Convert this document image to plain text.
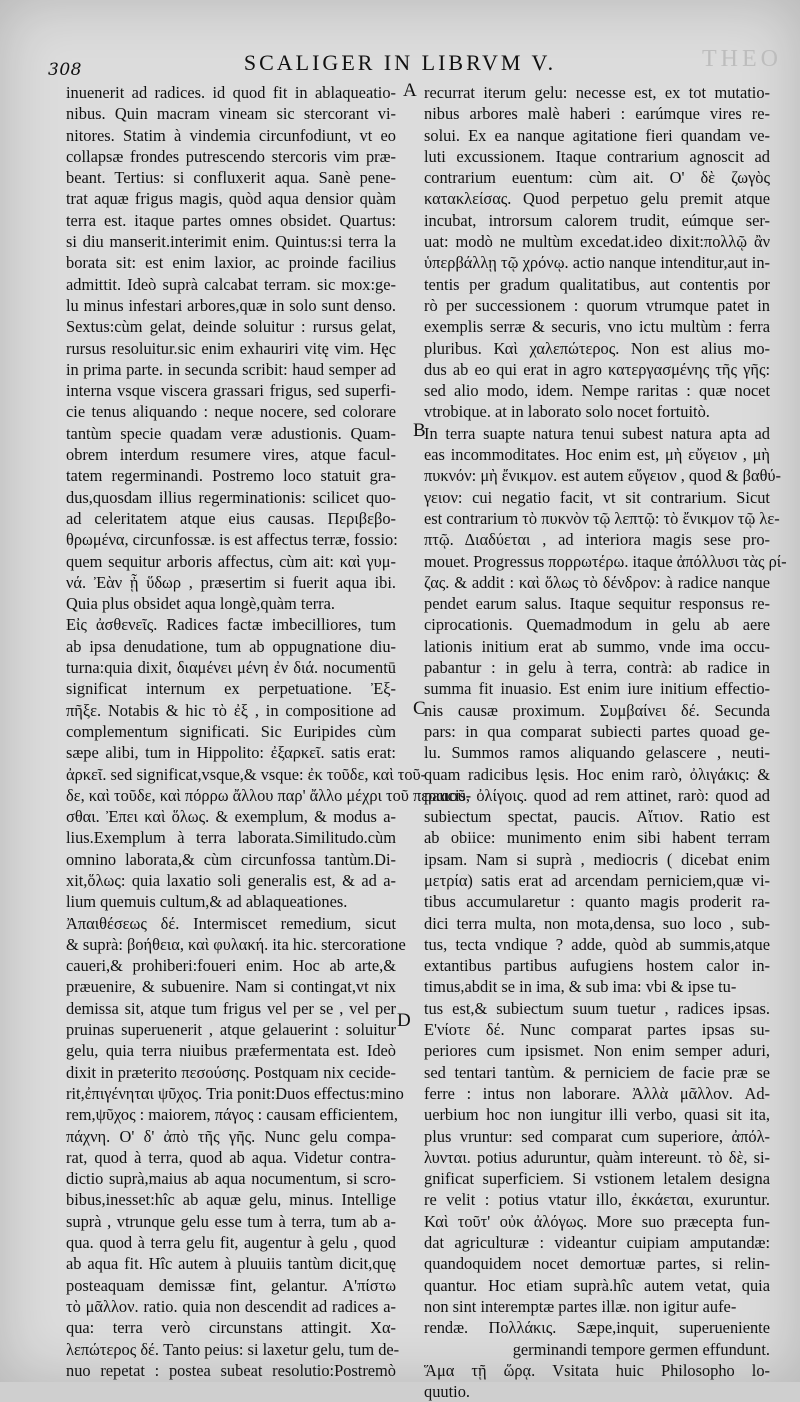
THEO
308	SCALIGER IN LIBRVM V.
A
B
C
D
inuenerit ad radices. id quod fit in ablaqueatio-
nibus. Quin macram vineam sic stercorant vi-
nitores. Statim à vindemia circunfodiunt, vt eo
collapsæ frondes putrescendo stercoris vim præ-
beant. Tertius: si confluxerit aqua. Sanè pene-
trat aquæ frigus magis, quòd aqua densior quàm
terra est. itaque partes omnes obsidet. Quartus:
si diu manserit.interimit enim. Quintus:si terra la
borata sit: est enim laxior, ac proinde facilius
admittit. Ideò suprà calcabat terram. sic mox:ge-
lu minus infestari arbores,quæ in solo sunt denso.
Sextus:cùm gelat, deinde soluitur : rursus gelat,
rursus resoluitur.sic enim exhauriri vitę vim. Hęc
in prima parte. in secunda scribit: haud semper ad
interna vsque viscera grassari frigus, sed superfi-
cie tenus aliquando : neque nocere, sed colorare
tantùm specie quadam veræ adustionis. Quam-
obrem interdum resumere vires, atque facul-
tatem regerminandi. Postremo loco statuit gra-
dus,quosdam illius regerminationis: scilicet quo-
ad celeritatem atque eius causas. Περιβεβο-
θρωμένα, circunfossæ. is est affectus terræ, fossio:
quem sequitur arboris affectus, cùm ait: καὶ γυμ-
νά. Ἐὰν ᾖ ὕδωρ , præsertim si fuerit aqua ibi.
Quia plus obsidet aqua longè,quàm terra.
Εἰς ἀσθενεῖς. Radices factæ imbecilliores, tum
ab ipsa denudatione, tum ab oppugnatione diu-
turna:quia dixit, διαμένει μένη ἐν διά. nocumentū
significat internum ex perpetuatione. Ἐξ-
πῆξε. Notabis & hic τὸ ἐξ , in compositione ad
complementum significati. Sic Euripides cùm
sæpe alibi, tum in Hippolito: ἐξαρκεῖ. satis erat:
ἀρκεῖ. sed significat,vsque,& vsque: ἐκ τοῦδε, καὶ τοῦ-
δε, καὶ τοῦδε, καὶ πόρρω ἄλλου παρ' ἄλλο μέχρι τοῦ περαιοῦ-
σθαι. Ἐπει καὶ ὅλως. & exemplum, & modus a-
lius.Exemplum à terra laborata.Similitudo.cùm
omnino laborata,& cùm circunfossa tantùm.Di-
xit,ὅλως: quia laxatio soli generalis est, & ad a-
lium quemuis cultum,& ad ablaqueationes.
Ἀπαιθέσεως δέ. Intermiscet remedium, sicut
& suprà: βοήθεια, καὶ φυλακή. ita hic. stercoratione
caueri,& prohiberi:foueri enim. Hoc ab arte,&
præuenire, & subuenire. Nam si contingat,vt nix
demissa sit, atque tum frigus vel per se , vel per
pruinas superuenerit , atque gelauerint : soluitur
gelu, quia terra niuibus præfermentata est. Ideò
dixit in præterito πεσούσης. Postquam nix cecide-
rit,ἐπιγένηται ψῦχος. Tria ponit:Duos effectus:mino
rem,ψῦχος : maiorem, πάγος : causam efficientem,
πάχνη. Ο' δ' ἀπὸ τῆς γῆς. Nunc gelu compa-
rat, quod à terra, quod ab aqua. Videtur contra-
dictio suprà,maius ab aqua nocumentum, si scro-
bibus,inesset:hîc ab aquæ gelu, minus. Intellige
suprà , vtrunque gelu esse tum à terra, tum ab a-
qua. quod à terra gelu fit, augentur à gelu , quod
ab aqua fit. Hîc autem à pluuiis tantùm dicit,quę
posteaquam demissæ fint, gelantur. Α'πίστω
τὸ μᾶλλον. ratio. quia non descendit ad radices a-
qua: terra verò circunstans attingit. Χα-
λεπώτερος δέ. Tanto peius: si laxetur gelu, tum de-
nuo repetat : postea subeat resolutio:Postremò
recurrat iterum gelu: necesse est, ex tot mutatio-
nibus arbores malè haberi : earúmque vires re-
solui. Ex ea nanque agitatione fieri quandam ve-
luti excussionem. Itaque contrarium agnoscit ad
contrarium euentum: cùm ait. Ο' δὲ ζωγὸς
κατακλείσας. Quod perpetuo gelu premit atque
incubat, introrsum calorem trudit, eúmque ser-
uat: modò ne multùm excedat.ideo dixit:πολλῷ ἂν
ὑπερβάλλῃ τῷ χρόνῳ. actio nanque intenditur,aut in-
tentis per gradum qualitatibus, aut contentis por
rò per successionem : quorum vtrumque patet in
exemplis serræ & securis, vno ictu multùm : ferra
pluribus. Καὶ χαλεπώτερος. Non est alius mo-
dus ab eo qui erat in agro κατεργασμένης τῆς γῆς:
sed alio modo, idem. Nempe raritas : quæ nocet
vtrobique. at in laborato solo nocet fortuitò.
In terra suapte natura tenui subest natura apta ad
eas incommoditates. Hoc enim est, μὴ εὔγειον , μὴ
πυκνόν: μὴ ἔνικμον. est autem εὔγειον , quod & βαθύ-
γειον: cui negatio facit, vt sit contrarium. Sicut
est contrarium τὸ πυκνὸν τῷ λεπτῷ: τὸ ἔνικμον τῷ λε-
πτῷ. Διαδύεται , ad interiora magis sese pro-
mouet. Progressus πορρωτέρω. itaque ἀπόλλυσι τὰς ρί-
ζας. & addit : καὶ ὅλως τὸ δένδρον: à radice nanque
pendet earum salus. Itaque sequitur responsus re-
ciprocationis. Quemadmodum in gelu ab aere
lationis initium erat ab summo, vnde ima occu-
pabantur : in gelu à terra, contrà: ab radice in
summa fit inuasio. Est enim iure initium effectio-
nis causæ proximum. Συμβαίνει δέ. Secunda
pars: in qua comparat subiecti partes quoad ge-
lu. Summos ramos aliquando gelascere , neuti-
quam radicibus lęsis. Hoc enim rarò, ὀλιγάκις: &
paucis, ὀλίγοις. quod ad rem attinet, rarò: quod ad
subiectum spectat, paucis. Αἴτιον. Ratio est
ab obiice: munimento enim sibi habent terram
ipsam. Nam si suprà , mediocris ( dicebat enim
μετρία) satis erat ad arcendam perniciem,quæ vi-
tibus accumularetur : quanto magis proderit ra-
dici terra multa, non mota,densa, suo loco , sub-
tus, tecta vndique ? adde, quòd ab summis,atque
extantibus partibus aufugiens hostem calor in-
timus,abdit se in ima, & sub ima: vbi & ipse tu-
tus est,& subiectum suum tuetur , radices ipsas.
Ε'νίοτε δέ. Nunc comparat partes ipsas su-
periores cum ipsismet. Non enim semper aduri,
sed tentari tantùm. & perniciem de facie præ se
ferre : intus non laborare. Ἀλλὰ μᾶλλον. Ad-
uerbium hoc non iungitur illi verbo, quasi sit ita,
plus vruntur: sed comparat cum superiore, ἀπόλ-
λυνται. potius aduruntur, quàm intereunt. τὸ δὲ, si-
gnificat superficiem. Si vstionem letalem designa
re velit : potius vtatur illo, ἐκκάεται, exuruntur.
Καὶ τοῦτ' οὐκ ἀλόγως. More suo præcepta fun-
dat agriculturæ : videantur cuipiam amputandæ:
quandoquidem nocet demortuæ partes, si relin-
quantur. Hoc etiam suprà.hîc autem vetat, quia
non sint interemptæ partes illæ. non igitur aufe-
rendæ. Πολλάκις. Sæpe,inquit, superueniente
germinandi tempore germen effundunt.
Ἅμα τῇ ὥρᾳ. Vsitata huic Philosopho lo-
quutio.
